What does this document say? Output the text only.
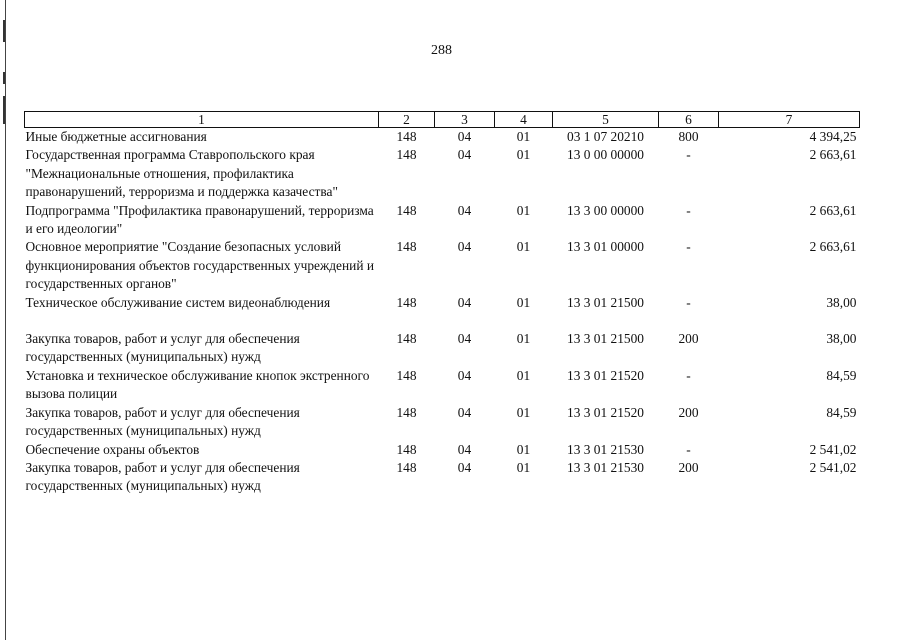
288
1	2	3	4	5	6	7
Иные бюджетные ассигнования	148	04	01	03 1 07 20210	800	4 394,25
Государственная программа Ставропольского края "Межнациональные отношения, профилактика правонарушений, терроризма и поддержка казачества"	148	04	01	13 0 00 00000	-	2 663,61
Подпрограмма "Профилактика правонарушений, терроризма и его идеологии"	148	04	01	13 3 00 00000	-	2 663,61
Основное мероприятие "Создание безопасных условий функционирования объектов государственных учреждений и государственных органов"	148	04	01	13 3 01 00000	-	2 663,61
Техническое обслуживание систем видеонаблюдения	148	04	01	13 3 01 21500	-	38,00

Закупка товаров, работ и услуг для обеспечения государственных (муниципальных) нужд	148	04	01	13 3 01 21500	200	38,00
Установка и техническое обслуживание кнопок экстренного вызова полиции	148	04	01	13 3 01 21520	-	84,59
Закупка товаров, работ и услуг для обеспечения государственных (муниципальных) нужд	148	04	01	13 3 01 21520	200	84,59
Обеспечение охраны объектов	148	04	01	13 3 01 21530	-	2 541,02
Закупка товаров, работ и услуг для обеспечения государственных (муниципальных) нужд	148	04	01	13 3 01 21530	200	2 541,02
